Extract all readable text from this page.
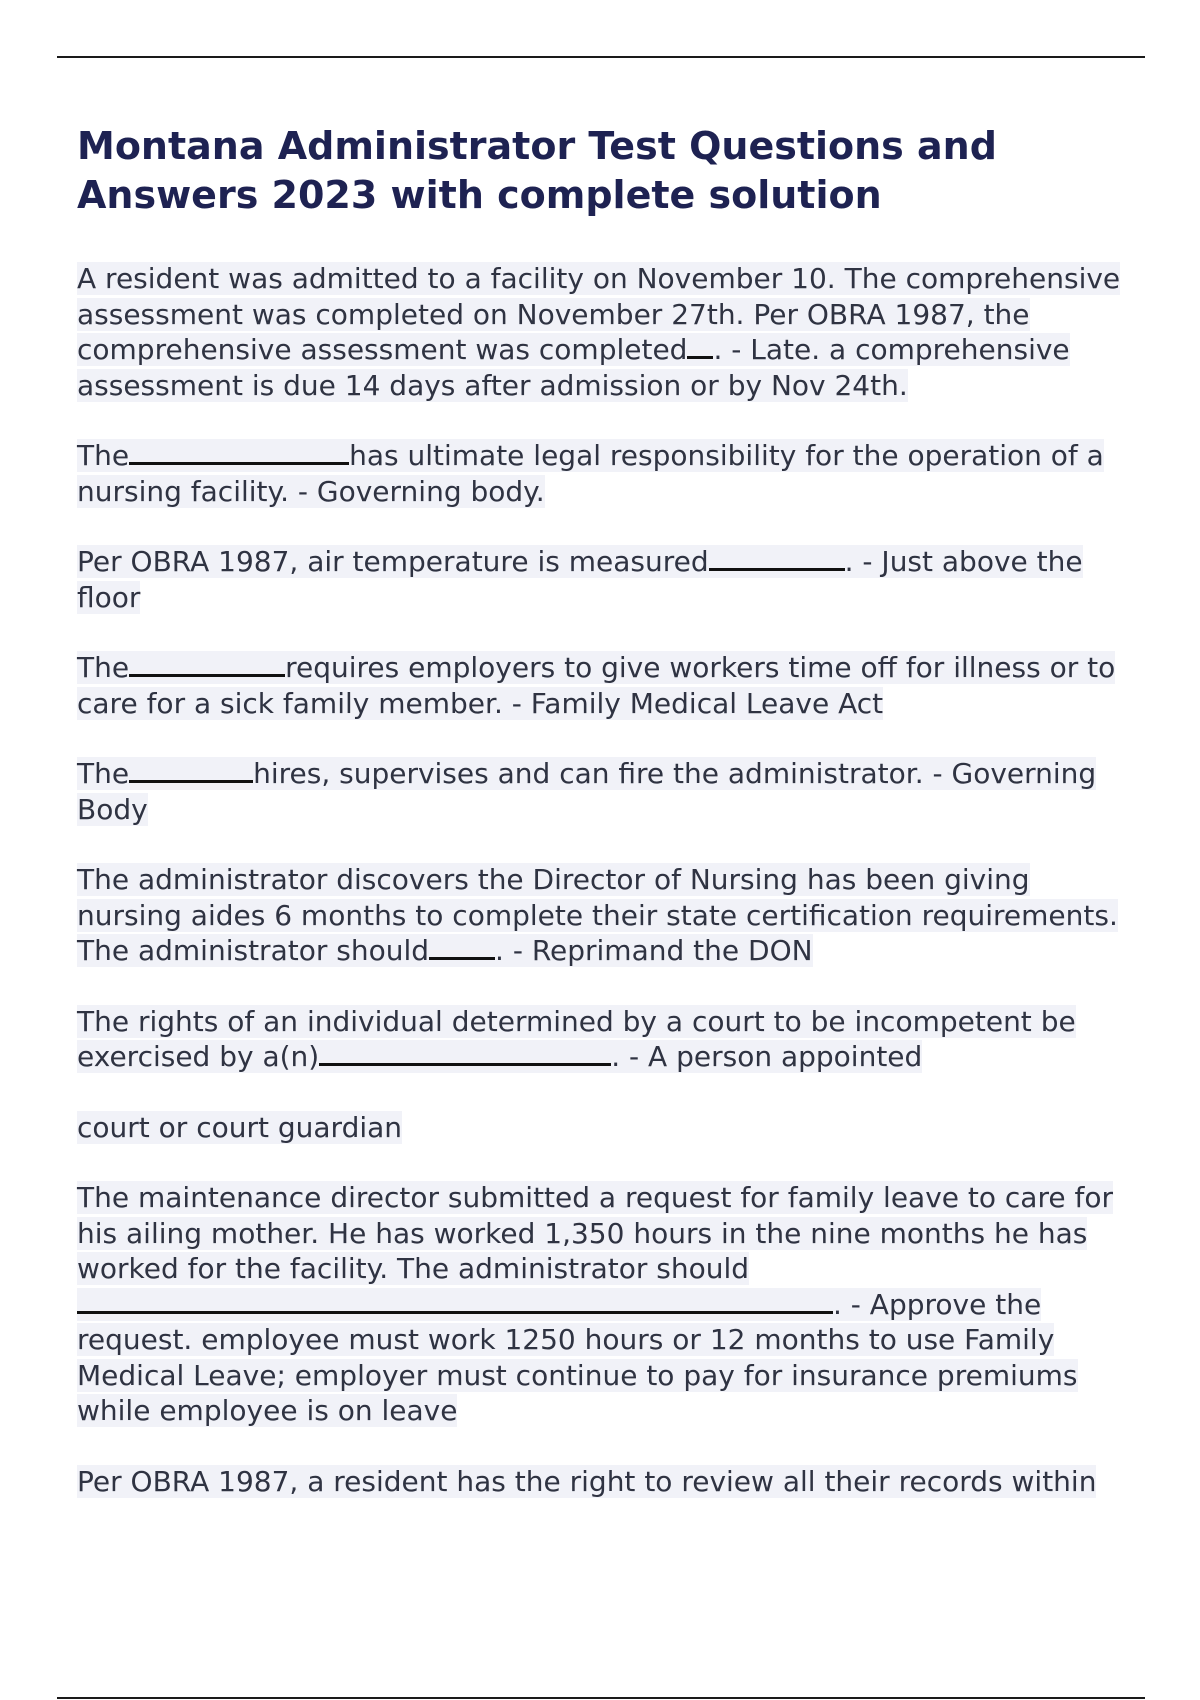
Montana Administrator Test Questions and Answers 2023 with complete solution

A resident was admitted to a facility on November 10. The comprehensive assessment was completed on November 27th. Per OBRA 1987, the comprehensive assessment was completed . - Late. a comprehensive assessment is due 14 days after admission or by Nov 24th.

The	has ultimate legal responsibility for the operation of a nursing facility. - Governing body.

Per OBRA 1987, air temperature is measured	. - Just above the floor

The	requires employers to give workers time off for illness or to care for a sick family member. - Family Medical Leave Act

The	hires, supervises and can fire the administrator. - Governing Body

The administrator discovers the Director of Nursing has been giving nursing aides 6 months to complete their state certification requirements. The administrator should . - Reprimand the DON

The rights of an individual determined by a court to be incompetent be exercised by a(n)	. - A person appointed

court or court guardian

The maintenance director submitted a request for family leave to care for his ailing mother. He has worked 1,350 hours in the nine months he has worked for the facility. The administrator should . - Approve the request. employee must work 1250 hours or 12 months to use Family Medical Leave; employer must continue to pay for insurance premiums while employee is on leave

Per OBRA 1987, a resident has the right to review all their records within
